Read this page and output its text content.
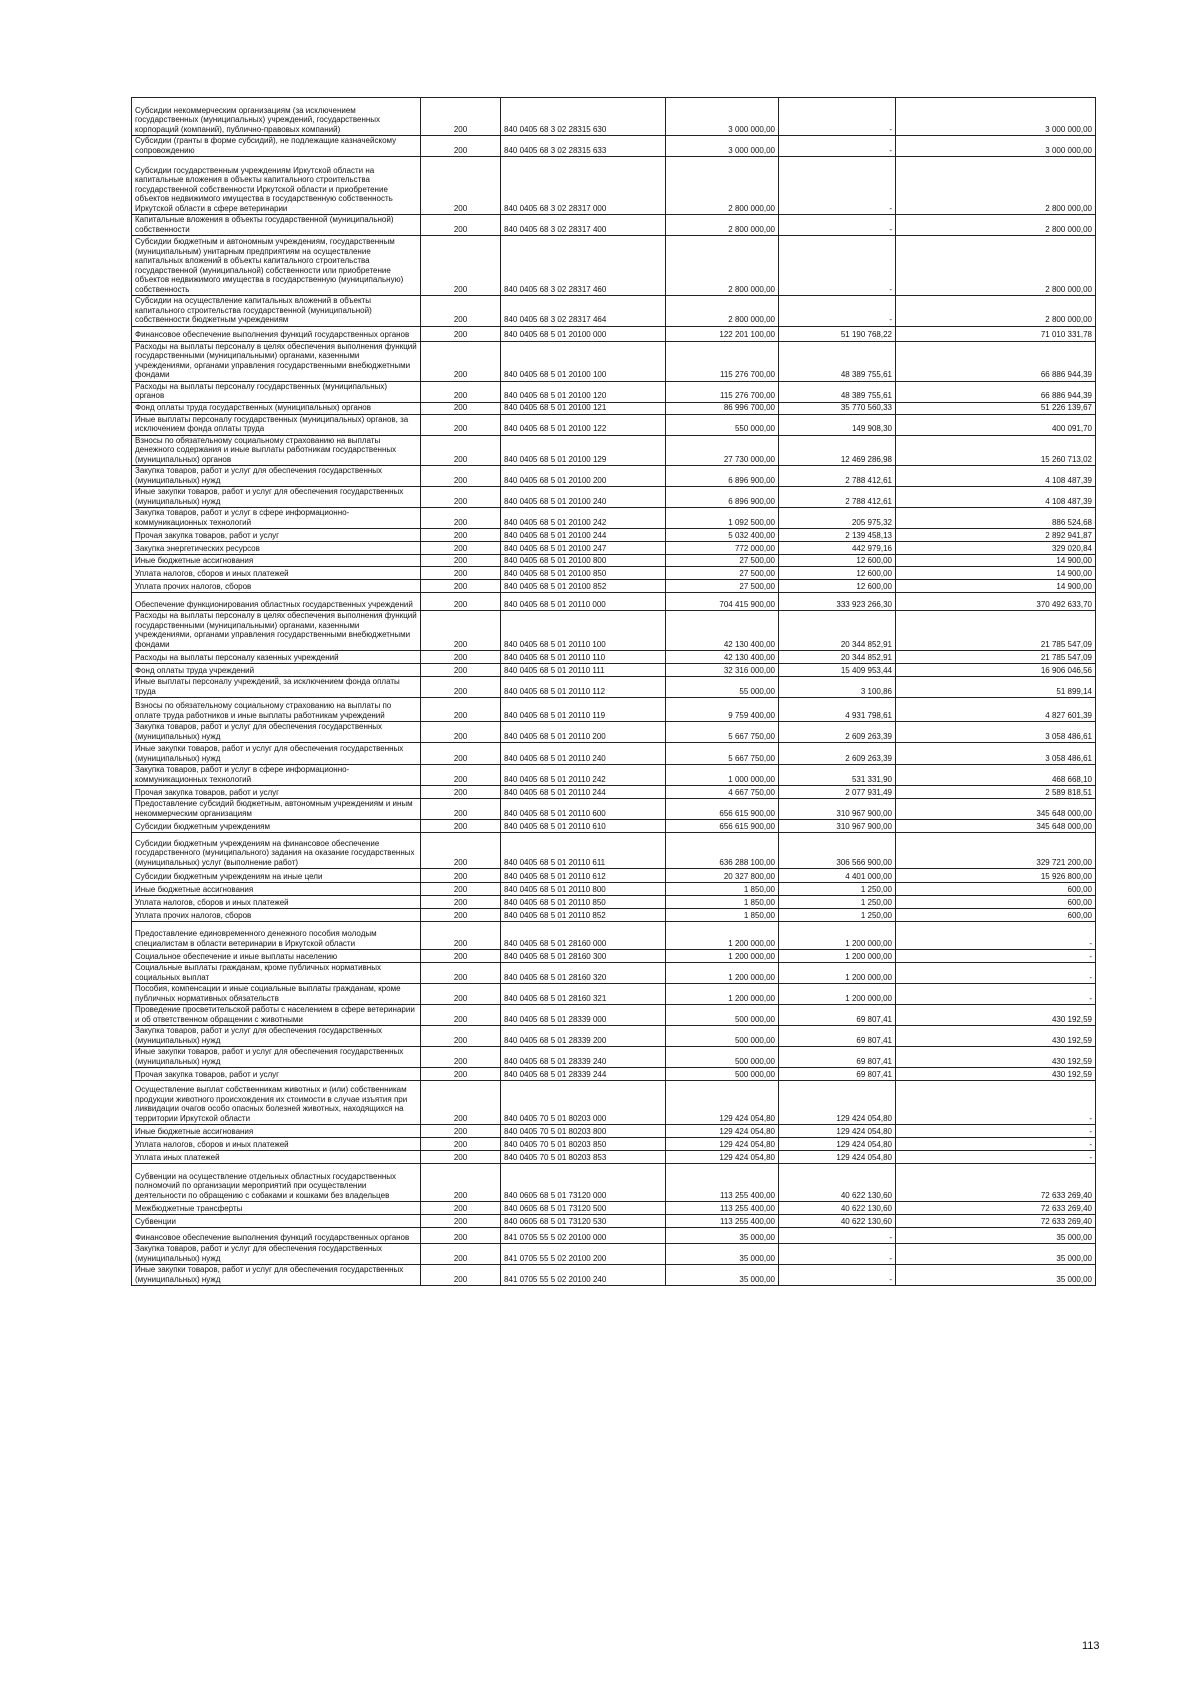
Субсидии некоммерческим организациям (за исключением государственных (муниципальных) учреждений, государственных корпораций (компаний), публично-правовых компаний)	200	840 0405 68 3 02 28315 630	3 000 000,00	-	3 000 000,00
Субсидии (гранты в форме субсидий), не подлежащие казначейскому сопровождению	200	840 0405 68 3 02 28315 633	3 000 000,00	-	3 000 000,00
Субсидии государственным учреждениям Иркутской области на капитальные вложения в объекты капитального строительства государственной собственности Иркутской области и приобретение объектов недвижимого имущества в государственную собственность Иркутской области в сфере ветеринарии	200	840 0405 68 3 02 28317 000	2 800 000,00	-	2 800 000,00
Капитальные вложения в объекты государственной (муниципальной) собственности	200	840 0405 68 3 02 28317 400	2 800 000,00	-	2 800 000,00
Субсидии бюджетным и автономным учреждениям, государственным (муниципальным) унитарным предприятиям на осуществление капитальных вложений в объекты капитального строительства государственной (муниципальной) собственности или приобретение объектов недвижимого имущества в государственную (муниципальную) собственность	200	840 0405 68 3 02 28317 460	2 800 000,00	-	2 800 000,00
Субсидии на осуществление капитальных вложений в объекты капитального строительства государственной (муниципальной) собственности бюджетным учреждениям	200	840 0405 68 3 02 28317 464	2 800 000,00	-	2 800 000,00
Финансовое обеспечение выполнения функций государственных органов	200	840 0405 68 5 01 20100 000	122 201 100,00	51 190 768,22	71 010 331,78
Расходы на выплаты персоналу в целях обеспечения выполнения функций государственными (муниципальными) органами, казенными учреждениями, органами управления государственными внебюджетными фондами	200	840 0405 68 5 01 20100 100	115 276 700,00	48 389 755,61	66 886 944,39
Расходы на выплаты персоналу государственных (муниципальных) органов	200	840 0405 68 5 01 20100 120	115 276 700,00	48 389 755,61	66 886 944,39
Фонд оплаты труда государственных (муниципальных) органов	200	840 0405 68 5 01 20100 121	86 996 700,00	35 770 560,33	51 226 139,67
Иные выплаты персоналу государственных (муниципальных) органов, за исключением фонда оплаты труда	200	840 0405 68 5 01 20100 122	550 000,00	149 908,30	400 091,70
Взносы по обязательному социальному страхованию на выплаты денежного содержания и иные выплаты работникам государственных (муниципальных) органов	200	840 0405 68 5 01 20100 129	27 730 000,00	12 469 286,98	15 260 713,02
Закупка товаров, работ и услуг для обеспечения государственных (муниципальных) нужд	200	840 0405 68 5 01 20100 200	6 896 900,00	2 788 412,61	4 108 487,39
Иные закупки товаров, работ и услуг для обеспечения государственных (муниципальных) нужд	200	840 0405 68 5 01 20100 240	6 896 900,00	2 788 412,61	4 108 487,39
Закупка товаров, работ и услуг в сфере информационно-коммуникационных технологий	200	840 0405 68 5 01 20100 242	1 092 500,00	205 975,32	886 524,68
Прочая закупка товаров, работ и услуг	200	840 0405 68 5 01 20100 244	5 032 400,00	2 139 458,13	2 892 941,87
Закупка энергетических ресурсов	200	840 0405 68 5 01 20100 247	772 000,00	442 979,16	329 020,84
Иные бюджетные ассигнования	200	840 0405 68 5 01 20100 800	27 500,00	12 600,00	14 900,00
Уплата налогов, сборов и иных платежей	200	840 0405 68 5 01 20100 850	27 500,00	12 600,00	14 900,00
Уплата прочих налогов, сборов	200	840 0405 68 5 01 20100 852	27 500,00	12 600,00	14 900,00
Обеспечение функционирования областных государственных учреждений	200	840 0405 68 5 01 20110 000	704 415 900,00	333 923 266,30	370 492 633,70
Расходы на выплаты персоналу в целях обеспечения выполнения функций государственными (муниципальными) органами, казенными учреждениями, органами управления государственными внебюджетными фондами	200	840 0405 68 5 01 20110 100	42 130 400,00	20 344 852,91	21 785 547,09
Расходы на выплаты персоналу казенных учреждений	200	840 0405 68 5 01 20110 110	42 130 400,00	20 344 852,91	21 785 547,09
Фонд оплаты труда учреждений	200	840 0405 68 5 01 20110 111	32 316 000,00	15 409 953,44	16 906 046,56
Иные выплаты персоналу учреждений, за исключением фонда оплаты труда	200	840 0405 68 5 01 20110 112	55 000,00	3 100,86	51 899,14
Взносы по обязательному социальному страхованию на выплаты по оплате труда работников и иные выплаты работникам учреждений	200	840 0405 68 5 01 20110 119	9 759 400,00	4 931 798,61	4 827 601,39
Закупка товаров, работ и услуг для обеспечения государственных (муниципальных) нужд	200	840 0405 68 5 01 20110 200	5 667 750,00	2 609 263,39	3 058 486,61
Иные закупки товаров, работ и услуг для обеспечения государственных (муниципальных) нужд	200	840 0405 68 5 01 20110 240	5 667 750,00	2 609 263,39	3 058 486,61
Закупка товаров, работ и услуг в сфере информационно-коммуникационных технологий	200	840 0405 68 5 01 20110 242	1 000 000,00	531 331,90	468 668,10
Прочая закупка товаров, работ и услуг	200	840 0405 68 5 01 20110 244	4 667 750,00	2 077 931,49	2 589 818,51
Предоставление субсидий бюджетным, автономным учреждениям и иным некоммерческим организациям	200	840 0405 68 5 01 20110 600	656 615 900,00	310 967 900,00	345 648 000,00
Субсидии бюджетным учреждениям	200	840 0405 68 5 01 20110 610	656 615 900,00	310 967 900,00	345 648 000,00
Субсидии бюджетным учреждениям на финансовое обеспечение государственного (муниципального) задания на оказание государственных (муниципальных) услуг (выполнение работ)	200	840 0405 68 5 01 20110 611	636 288 100,00	306 566 900,00	329 721 200,00
Субсидии бюджетным учреждениям на иные цели	200	840 0405 68 5 01 20110 612	20 327 800,00	4 401 000,00	15 926 800,00
Иные бюджетные ассигнования	200	840 0405 68 5 01 20110 800	1 850,00	1 250,00	600,00
Уплата налогов, сборов и иных платежей	200	840 0405 68 5 01 20110 850	1 850,00	1 250,00	600,00
Уплата прочих налогов, сборов	200	840 0405 68 5 01 20110 852	1 850,00	1 250,00	600,00
Предоставление единовременного денежного пособия молодым специалистам в области ветеринарии в Иркутской области	200	840 0405 68 5 01 28160 000	1 200 000,00	1 200 000,00	-
Социальное обеспечение и иные выплаты населению	200	840 0405 68 5 01 28160 300	1 200 000,00	1 200 000,00	-
Социальные выплаты гражданам, кроме публичных нормативных социальных выплат	200	840 0405 68 5 01 28160 320	1 200 000,00	1 200 000,00	-
Пособия, компенсации и иные социальные выплаты гражданам, кроме публичных нормативных обязательств	200	840 0405 68 5 01 28160 321	1 200 000,00	1 200 000,00	-
Проведение просветительской работы с населением в сфере ветеринарии и об ответственном обращении с животными	200	840 0405 68 5 01 28339 000	500 000,00	69 807,41	430 192,59
Закупка товаров, работ и услуг для обеспечения государственных (муниципальных) нужд	200	840 0405 68 5 01 28339 200	500 000,00	69 807,41	430 192,59
Иные закупки товаров, работ и услуг для обеспечения государственных (муниципальных) нужд	200	840 0405 68 5 01 28339 240	500 000,00	69 807,41	430 192,59
Прочая закупка товаров, работ и услуг	200	840 0405 68 5 01 28339 244	500 000,00	69 807,41	430 192,59
Осуществление выплат собственникам животных и (или) собственникам продукции животного происхождения их стоимости в случае изъятия при ликвидации очагов особо опасных болезней животных, находящихся на территории Иркутской области	200	840 0405 70 5 01 80203 000	129 424 054,80	129 424 054,80	-
Иные бюджетные ассигнования	200	840 0405 70 5 01 80203 800	129 424 054,80	129 424 054,80	-
Уплата налогов, сборов и иных платежей	200	840 0405 70 5 01 80203 850	129 424 054,80	129 424 054,80	-
Уплата иных платежей	200	840 0405 70 5 01 80203 853	129 424 054,80	129 424 054,80	-
Субвенции на осуществление отдельных областных государственных полномочий по организации мероприятий при осуществлении деятельности по обращению с собаками и кошками без владельцев	200	840 0605 68 5 01 73120 000	113 255 400,00	40 622 130,60	72 633 269,40
Межбюджетные трансферты	200	840 0605 68 5 01 73120 500	113 255 400,00	40 622 130,60	72 633 269,40
Субвенции	200	840 0605 68 5 01 73120 530	113 255 400,00	40 622 130,60	72 633 269,40
Финансовое обеспечение выполнения функций государственных органов	200	841 0705 55 5 02 20100 000	35 000,00	-	35 000,00
Закупка товаров, работ и услуг для обеспечения государственных (муниципальных) нужд	200	841 0705 55 5 02 20100 200	35 000,00	-	35 000,00
Иные закупки товаров, работ и услуг для обеспечения государственных (муниципальных) нужд	200	841 0705 55 5 02 20100 240	35 000,00	-	35 000,00
113
